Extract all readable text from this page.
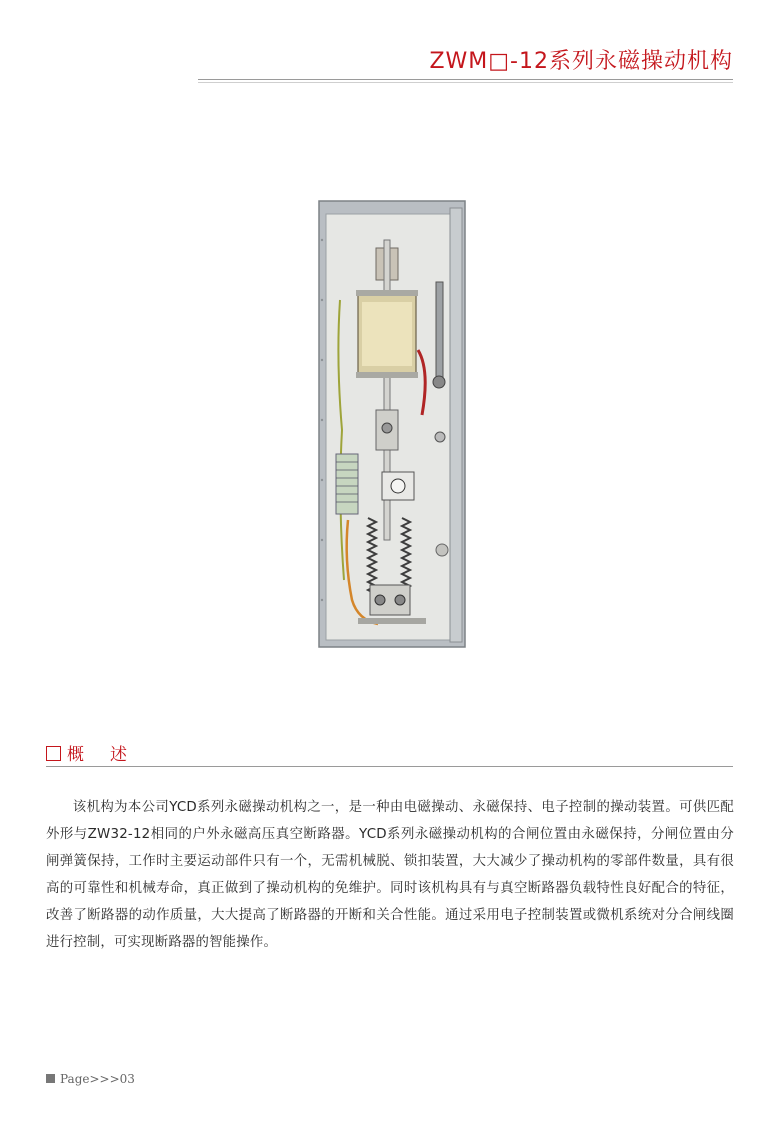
ZWM□-12系列永磁操动机构
概 述
该机构为本公司YCD系列永磁操动机构之一，是一种由电磁操动、永磁保持、电子控制的操动装置。可供匹配外形与ZW32-12相同的户外永磁高压真空断路器。YCD系列永磁操动机构的合闸位置由永磁保持，分闸位置由分闸弹簧保持，工作时主要运动部件只有一个，无需机械脱、锁扣装置，大大减少了操动机构的零部件数量，具有很高的可靠性和机械寿命，真正做到了操动机构的免维护。同时该机构具有与真空断路器负载特性良好配合的特征，改善了断路器的动作质量，大大提高了断路器的开断和关合性能。通过采用电子控制装置或微机系统对分合闸线圈进行控制，可实现断路器的智能操作。
Page>>>03
